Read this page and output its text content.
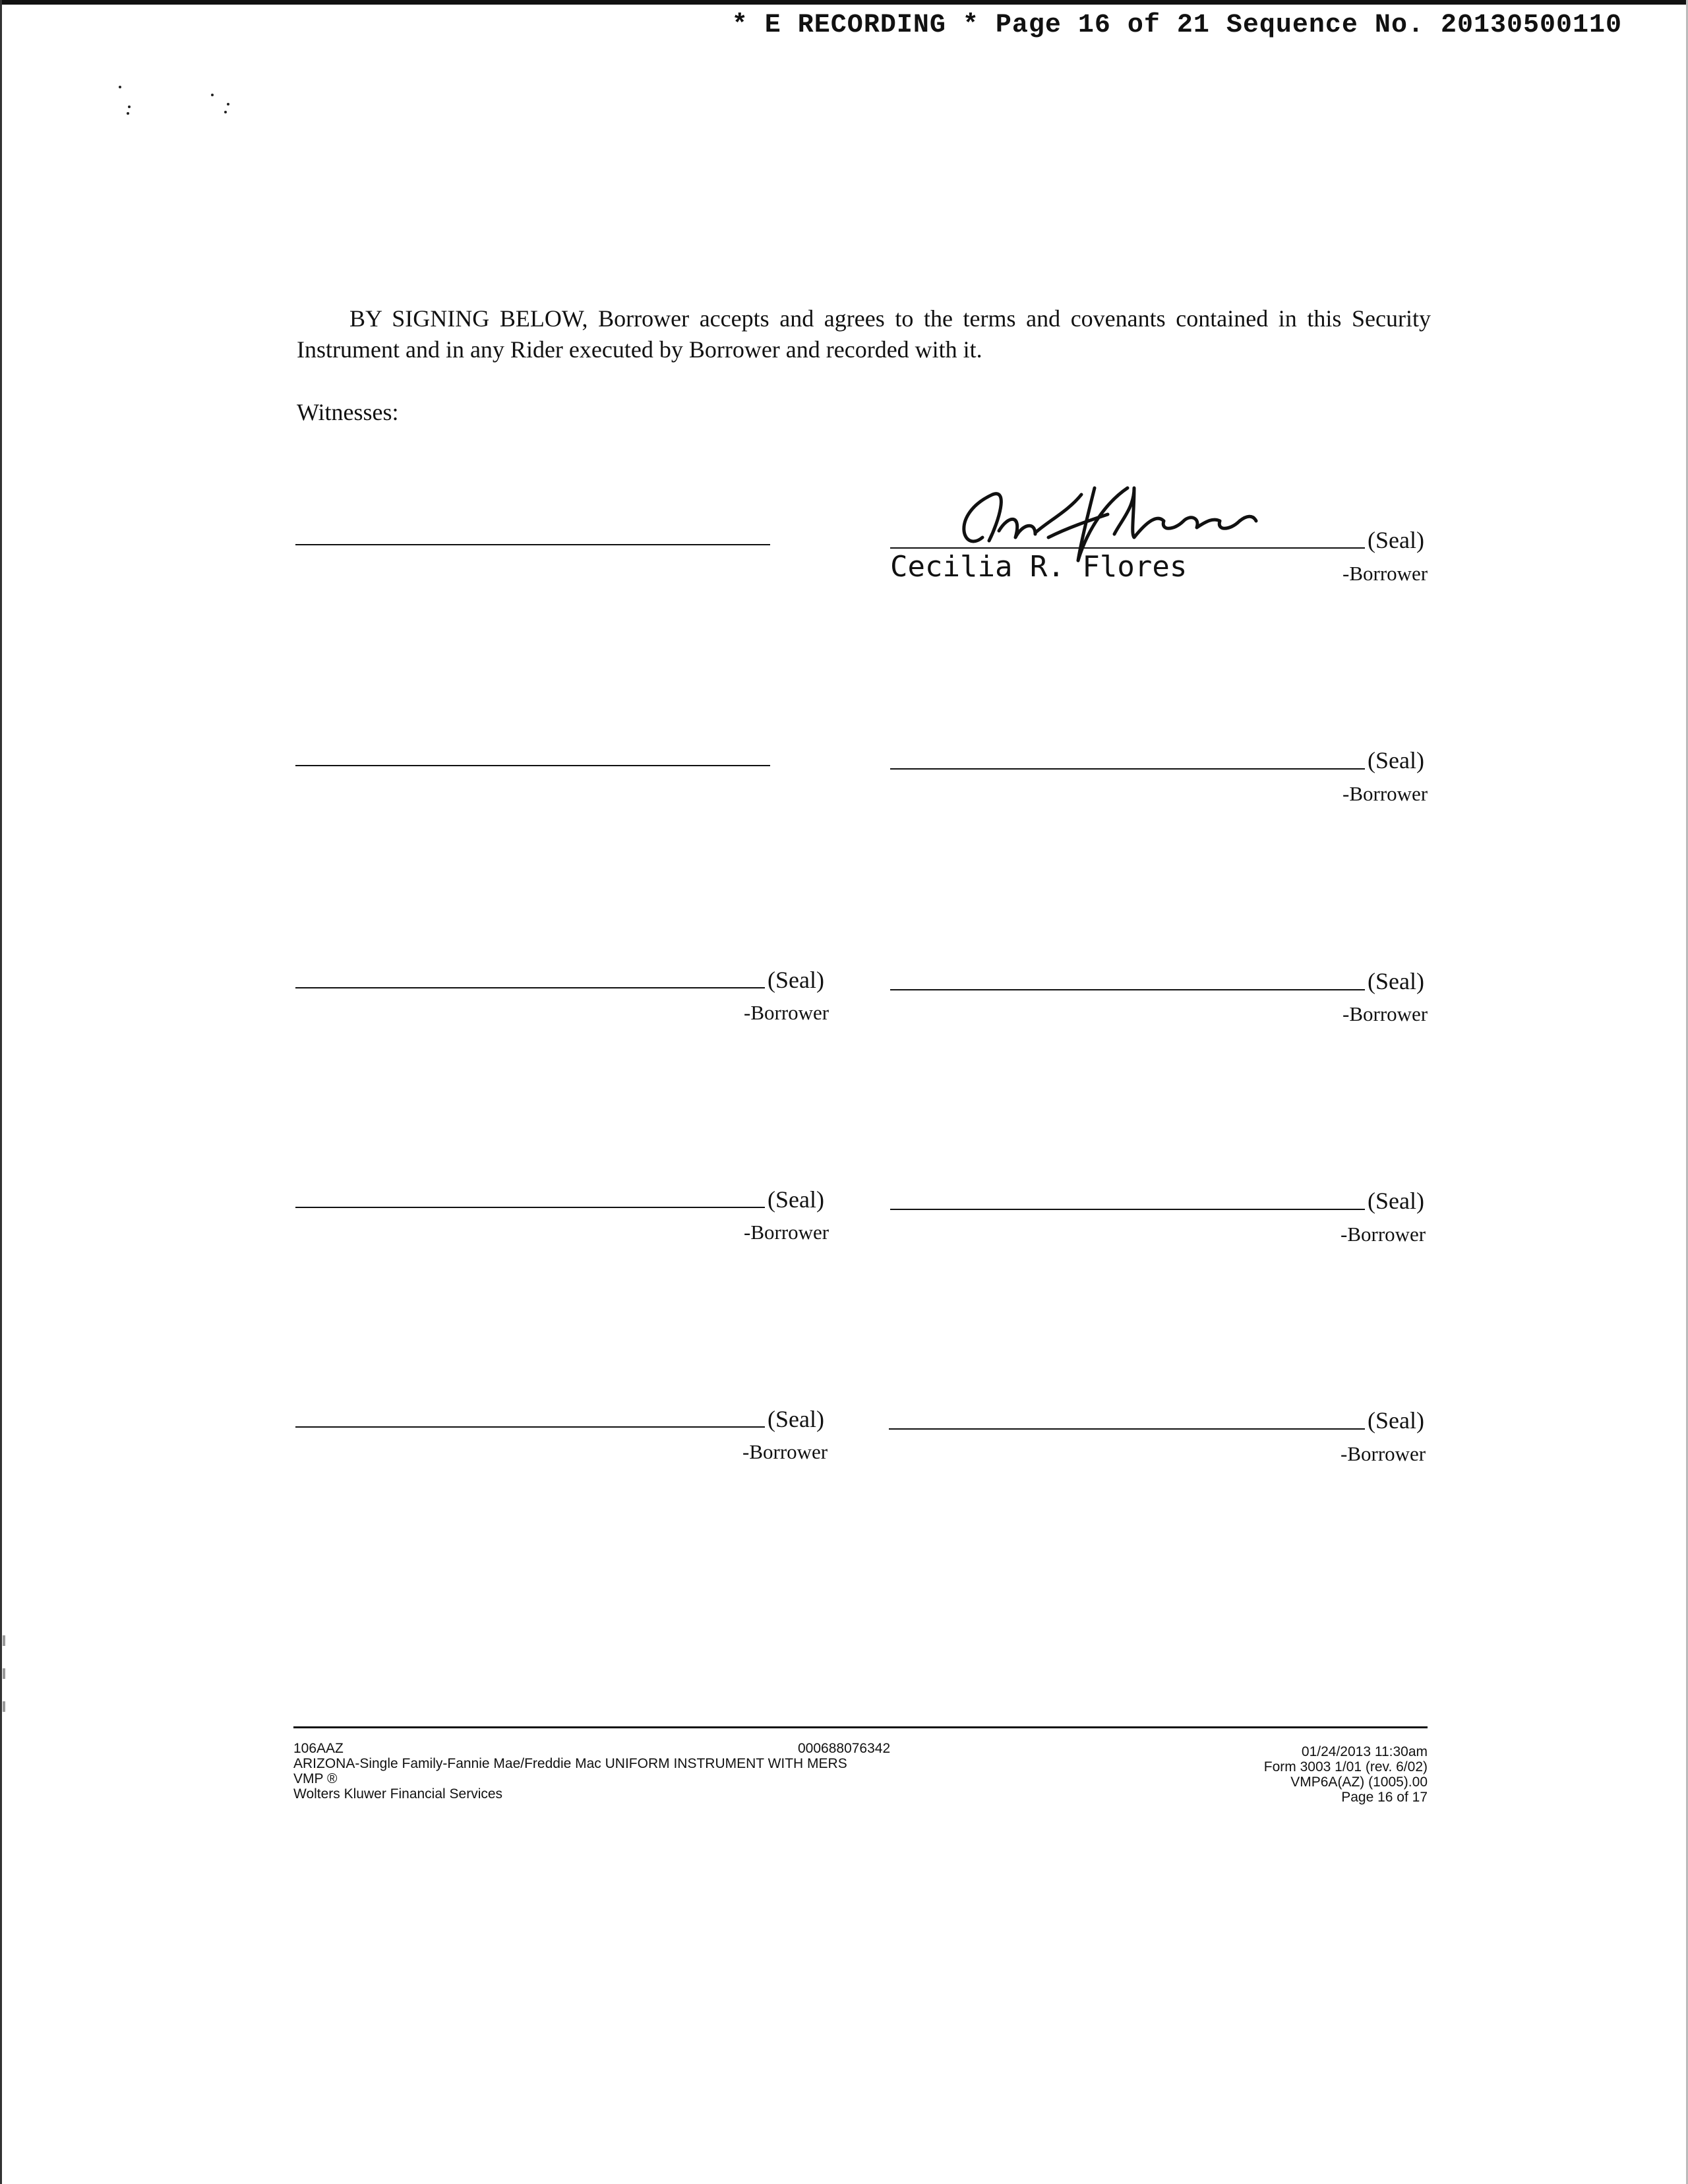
* E RECORDING * Page 16 of 21 Sequence No. 20130500110
BY SIGNING BELOW, Borrower accepts and agrees to the terms and covenants contained in this Security Instrument and in any Rider executed by Borrower and recorded with it.
Witnesses:
(Seal)
Cecilia R. Flores	-Borrower
(Seal)
-Borrower
(Seal)
-Borrower
(Seal)
-Borrower
(Seal)
-Borrower
(Seal)
-Borrower
(Seal)
-Borrower
(Seal)
-Borrower
106AAZ
ARIZONA-Single Family-Fannie Mae/Freddie Mac UNIFORM INSTRUMENT WITH MERS
VMP ®
Wolters Kluwer Financial Services
000688076342	01/24/2013 11:30am
Form 3003 1/01 (rev. 6/02)
VMP6A(AZ) (1005).00
Page 16 of 17
